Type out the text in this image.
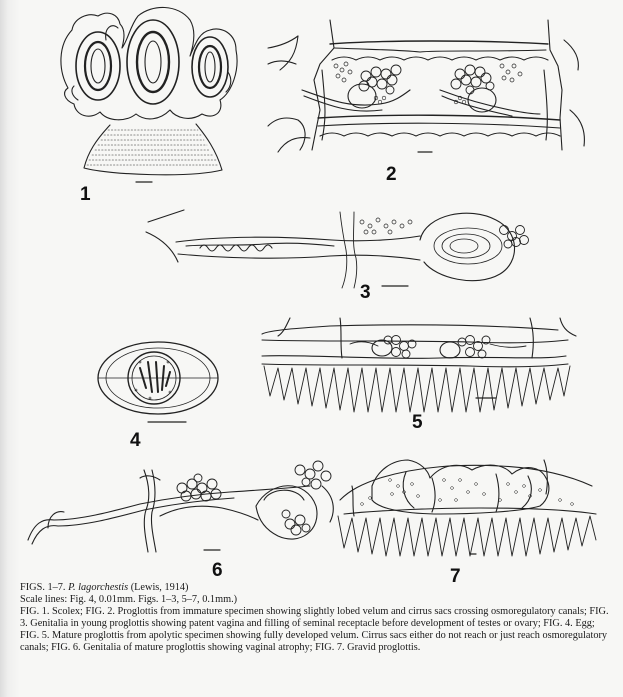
1
2
3
4
5
6	7

FIGS. 1–7. P. lagorchestis (Lewis, 1914)

Scale lines: Fig. 4, 0.01mm. Figs. 1–3, 5–7, 0.1mm.)

FIG. 1. Scolex; FIG. 2. Proglottis from immature specimen showing slightly lobed velum and cirrus sacs crossing osmoregulatory canals; FIG. 3. Genitalia in young proglottis showing patent vagina and filling of seminal receptacle before development of testes or ovary; FIG. 4. Egg; FIG. 5. Mature proglottis from apolytic specimen showing fully developed velum. Cirrus sacs either do not reach or just reach osmoregulatory canals; FIG. 6. Genitalia of mature proglottis showing vaginal atrophy; FIG. 7. Gravid proglottis.
